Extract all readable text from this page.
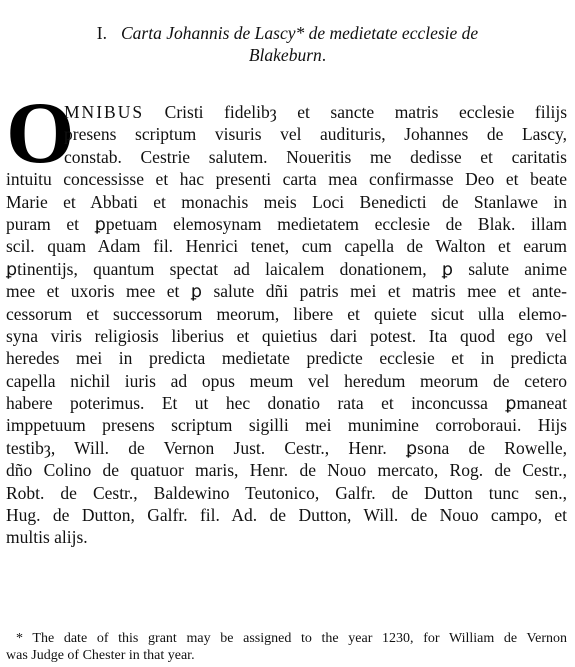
I. Carta Johannis de Lascy* de medietate ecclesie de
Blakeburn.
O
MNIBUS Cristi fidelibȝ et sancte matris ecclesie filijs
presens scriptum visuris vel audituris, Johannes de Lascy,
constab. Cestrie salutem. Noueritis me dedisse et caritatis
intuitu concessisse et hac presenti carta mea confirmasse Deo et beate
Marie et Abbati et monachis meis Loci Benedicti de Stanlawe in
puram et ꝑpetuam elemosynam medietatem ecclesie de Blak. illam
scil. quam Adam fil. Henrici tenet, cum capella de Walton et earum
ꝑtinentijs, quantum spectat ad laicalem donationem, ꝑ salute anime
mee et uxoris mee et ꝑ salute dñi patris mei et matris mee et ante-
cessorum et successorum meorum, libere et quiete sicut ulla elemo-
syna viris religiosis liberius et quietius dari potest. Ita quod ego vel
heredes mei in predicta medietate predicte ecclesie et in predicta
capella nichil iuris ad opus meum vel heredum meorum de cetero
habere poterimus. Et ut hec donatio rata et inconcussa ꝑmaneat
imppetuum presens scriptum sigilli mei munimine corroboraui. Hijs
testibȝ, Will. de Vernon Just. Cestr., Henr. ꝑsona de Rowelle,
dño Colino de quatuor maris, Henr. de Nouo mercato, Rog. de Cestr.,
Robt. de Cestr., Baldewino Teutonico, Galfr. de Dutton tunc sen.,
Hug. de Dutton, Galfr. fil. Ad. de Dutton, Will. de Nouo campo, et
multis alijs.
* The date of this grant may be assigned to the year 1230, for William de Vernon
was Judge of Chester in that year.
